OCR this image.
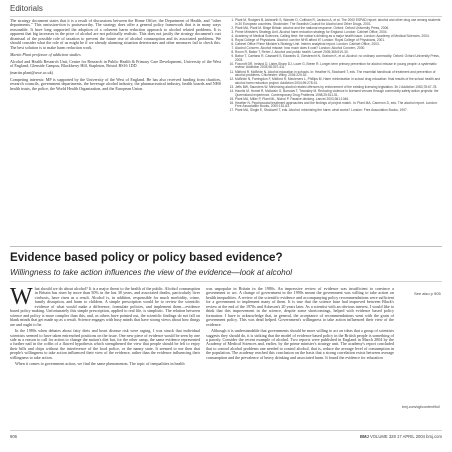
Editorials

The strategy document states that it is a result of discussions between the Home Office, the Department of Health, and "other departments." This omission-tion is praiseworthy. The strategy does offer a general policy framework that is in many ways reasonable. It have long supported the adoption of a coherent harm reduction approach to alcohol related problems. It is apparent that big increases in the price of alcohol are not politically realistic. This does not justify the strategy document's curt dismissal of the possible role of taxation to prevent the future rise of alcohol consumption and its associated problems. We should consider what the role of us might be if we already alarming situation deteriorates and other measures fail to check this. The best solution is to make harm reduction work.

Martin Plant professor of addiction studies

Alcohol and Health Research Unit, Centre for Research in Public Health & Primary Care Development, University of the West of England, Glenside Campus, Blackberry Hill, Stapleton, Bristol BS16 1DD

(martin.plant@uwe.ac.uk)

Competing interests: MP is supported by the University of the West of England. He has also received funding from charities, research councils, government departments, the beverage alcohol industry, the pharmaceutical industry, health boards and NHS health trusts, the police, the World Health Organization, and the European Union.

1. Plant M, Rodgers B, Ashworth S, Wander D, Coltham R, Jackson A, et al. The 2000 ESPAD report: alcohol and other drug use among students in 30 European countries. Stockholm: The Swedish Council for Alcohol and Other Drugs, 2001.
2. Plant MA, Plant M. Binge Britain: alcohol and the national response. Oxford: Oxford University Press, 2006.
3. Prime Minister's Strategy Unit. Alcohol harm reduction strategy for England. London: Cabinet Office, 2004.
4. Academy of Medical Sciences. Calling time: the nation's drinking as a major health issue. London: Academy of Medical Sciences, 2004.
5. Royal College of Physicians. Alcohol: can the NHS afford it? London: Royal College of Physicians, 2001.
6. Cabinet Office Prime Minister's Strategy Unit. Interim analytical report. London: Cabinet Office, 2003.
7. Alcohol Concern. Alcohol misuse: how much does it cost? London: Alcohol Concern, 2000.
8. Room R, Babor T, Rehm J. Alcohol and public health. Lancet 2005;365:519-30.
9. Babor T, Caetano R, Casswell S, Edwards G, Giesbrecht N, Graham K, et al. Alcohol: no ordinary commodity. Oxford: Oxford University Press, 2003.
10. Foxcroft DR, Ireland D, Lister-Sharp DJ, Lowe G, Breen R. Longer-term primary prevention for alcohol misuse in young people: a systematic review. Addiction 2003;98:397-411.
11. Midford R, McBride N. Alcohol education in schools. In: Heather N, Stockwell T, eds. The essential handbook of treatment and prevention of alcohol problems. Chichester: Wiley, 2004:229-52.
12. McBride N, Farringdon F, Midford R, Meuleners L, Phillips M. Harm minimization in school drug education: final results of the school health and alcohol harm reduction project. Addiction 2004;99:278-91.
13. Jeffs BW, Saunders W. Minimizing alcohol related offences by enforcement of the existing licensing legislation. Br J Addiction 1983;78:67-78.
14. Hauritz M, Homel R, McIlwain G, Burrows T, Townsley M. Reducing violence in licensed venues through community safety action projects: the Queensland experience. Contemporary Drug Problems 1998;25:511-51.
15. Plant MA, Miller P, Plant ML, Nichol P. Passive drinking. Lancet 2003;361:1046.
16. Heather N. Psychosocial treatment approaches and the findings of project match. In: Plant MA, Cameron D, eds. The alcohol report. London: Free Association Books, 2000:151-63.
17. Plant MA, Single E, Stockwell T, eds. Alcohol: minimising the harm: what works? London: Free Association Books, 1997.
Evidence based policy or policy based evidence?
Willingness to take action influences the view of the evidence—look at alcohol

What should we do about alcohol? It is a major threat to the health of the public. Alcohol consumption in Britain has risen by more than 50% in the last 30 years, and associated deaths, particularly liver cirrhosis, have risen as a result. Alcohol is, in addition, responsible for much morbidity, crime, family disruption, and harm to children. A simple prescription would be to review the scientific evidence of what would make a difference, formulate policies, and implement them—evidence based policy making. Unfortunately this simple prescription, applied to real life, is simplistic. The relation between science and policy is more complex than this, and, as others have pointed out, the scientific findings do not fall on blank minds that get made up as a result. Science engages with busy minds that have strong views about how things are and ought to be.

In the 1980s when debates about fatty diets and heart disease risk were raging, I was struck that individual scientists seemed to have taken entrenched positions on the issue. One new piece of evidence would be seen by one side as a reason to call for action to change the nation's diet but, for the other camp, the same evidence represented a further nail in the coffin of a flawed hypothesis which strengthened the view that people should be left to enjoy their bills and chips without the interference of the food police, or the nanny state. It seemed to me then that people's willingness to take action influenced their view of the evidence, rather than the evidence influencing their willingness to take action.

When it comes to government action, we find the same phenomenon. The topic of inequalities in health

was unpopular in Britain in the 1980s. An impressive review of evidence was insufficient to convince a government to act. A change of government in the 1990s meant the government was willing to take action on health inequalities. A review of the scientific evidence and accompanying policy recommendations were sufficient for a government to implement many of them. It is true that the science base had improved between Black's review at the end of the 1970s and Acheson's 20 years later. As a scientist with an obvious interest, I would like to think that this improvement in the science, despite some shortcomings, helped with evidence based policy formation. I have to acknowledge that, in general, the acceptance of recommendations went with the grain of government policy. This was dead helped. Government's willingness to take action influenced their view of the evidence.

Although it is understandable that governments should be more willing to act on ideas that a group of scientists suggests they should do, it is striking that the model of evidence based policy in the British people is something of a parody. Consider the recent example of alcohol. Two reports were published in England in March 2004 by the Academy of Medical Sciences and, earlier, by the prime minister's strategy unit. The academy's report concluded that to control alcohol problems one needed to control alcohol, that is, reduce the average level of consumption in the population. The academy reached this conclusion on the basis that a strong correlation exists between average consumption and the prevalence of heavy drinking and associated harm. It found the evidence for education

See also p 905
bmj.com/cgi/content/full
906	BMJ VOLUME 328 17 APRIL 2004 bmj.com
